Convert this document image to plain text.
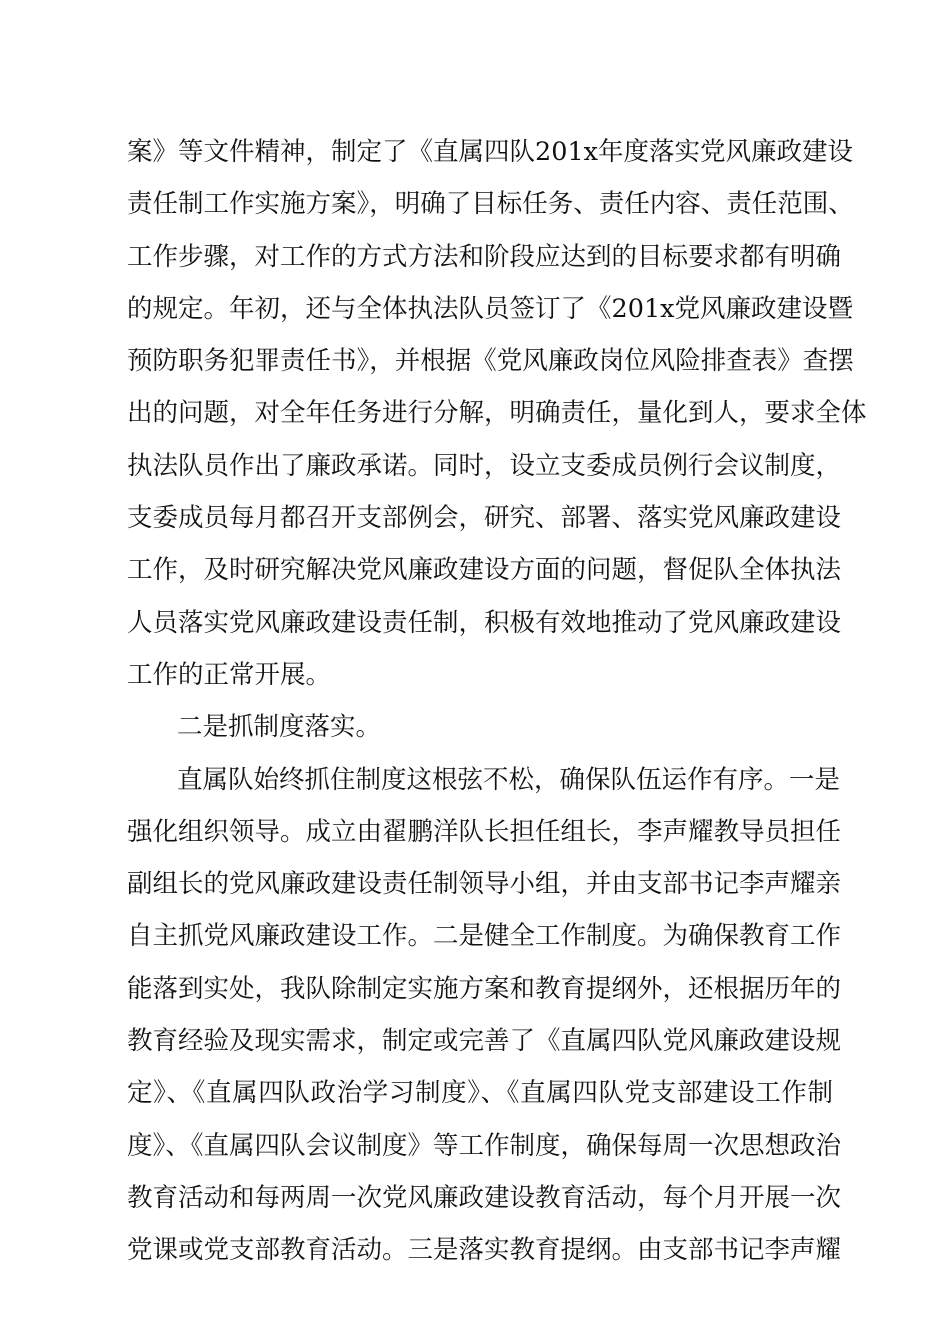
案》等文件精神，制定了《直属四队201x年度落实党风廉政建设
责任制工作实施方案》，明确了目标任务、责任内容、责任范围、
工作步骤，对工作的方式方法和阶段应达到的目标要求都有明确
的规定。年初，还与全体执法队员签订了《201x党风廉政建设暨
预防职务犯罪责任书》，并根据《党风廉政岗位风险排查表》查摆
出的问题，对全年任务进行分解，明确责任，量化到人，要求全体
执法队员作出了廉政承诺。同时，设立支委成员例行会议制度，
支委成员每月都召开支部例会，研究、部署、落实党风廉政建设
工作，及时研究解决党风廉政建设方面的问题，督促队全体执法
人员落实党风廉政建设责任制，积极有效地推动了党风廉政建设
工作的正常开展。
二是抓制度落实。
直属队始终抓住制度这根弦不松，确保队伍运作有序。一是
强化组织领导。成立由翟鹏洋队长担任组长，李声耀教导员担任
副组长的党风廉政建设责任制领导小组，并由支部书记李声耀亲
自主抓党风廉政建设工作。二是健全工作制度。为确保教育工作
能落到实处，我队除制定实施方案和教育提纲外，还根据历年的
教育经验及现实需求，制定或完善了《直属四队党风廉政建设规
定》、《直属四队政治学习制度》、《直属四队党支部建设工作制
度》、《直属四队会议制度》等工作制度，确保每周一次思想政治
教育活动和每两周一次党风廉政建设教育活动，每个月开展一次
党课或党支部教育活动。三是落实教育提纲。由支部书记李声耀
